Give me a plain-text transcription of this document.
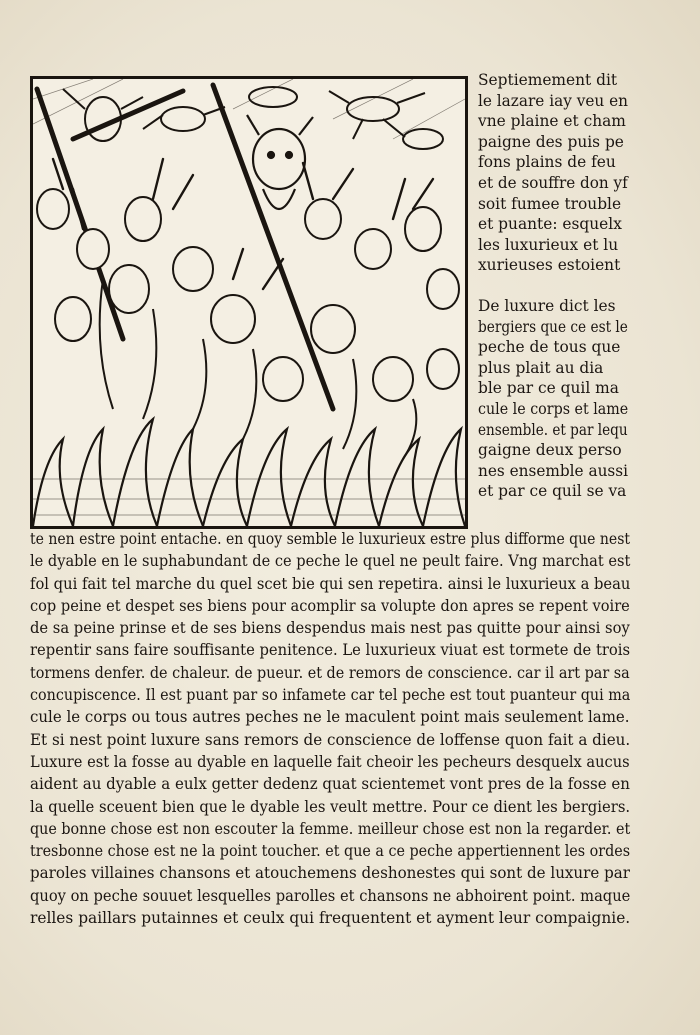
Septiemement dit
le lazare iay veu en
vne plaine et cham
paigne des puis pe
fons plains de feu
et de souffre don yf
soit fumee trouble
et puante: esquelx
les luxurieux et lu
xurieuses estoient
De luxure dict les
bergiers que ce est le
peche de tous que
plus plait au dia
ble par ce quil ma
cule le corps et lame
ensemble. et par lequ
gaigne deux perso
nes ensemble aussi
et par ce quil se va
te nen estre point entache. en quoy semble le luxurieux estre plus difforme que nest
le dyable en le suphabundant de ce peche le quel ne peult faire. Vng marchat est
fol qui fait tel marche du quel scet bie qui sen repetira. ainsi le luxurieux a beau
cop peine et despet ses biens pour acomplir sa volupte don apres se repent voire
de sa peine prinse et de ses biens despendus mais nest pas quitte pour ainsi soy
repentir sans faire souffisante penitence. Le luxurieux viuat est tormete de trois
tormens denfer. de chaleur. de pueur. et de remors de conscience. car il art par sa
concupiscence. Il est puant par so infamete car tel peche est tout puanteur qui ma
cule le corps ou tous autres peches ne le maculent point mais seulement lame.
Et si nest point luxure sans remors de conscience de loffense quon fait a dieu.
Luxure est la fosse au dyable en laquelle fait cheoir les pecheurs desquelx aucus
aident au dyable a eulx getter dedenz quat scientemet vont pres de la fosse en
la quelle sceuent bien que le dyable les veult mettre. Pour ce dient les bergiers.
que bonne chose est non escouter la femme. meilleur chose est non la regarder. et
tresbonne chose est ne la point toucher. et que a ce peche appertiennent les ordes
paroles villaines chansons et atouchemens deshonestes qui sont de luxure par
quoy on peche souuet lesquelles parolles et chansons ne abhoirent point. maque
relles paillars putainnes et ceulx qui frequentent et ayment leur compaignie.
